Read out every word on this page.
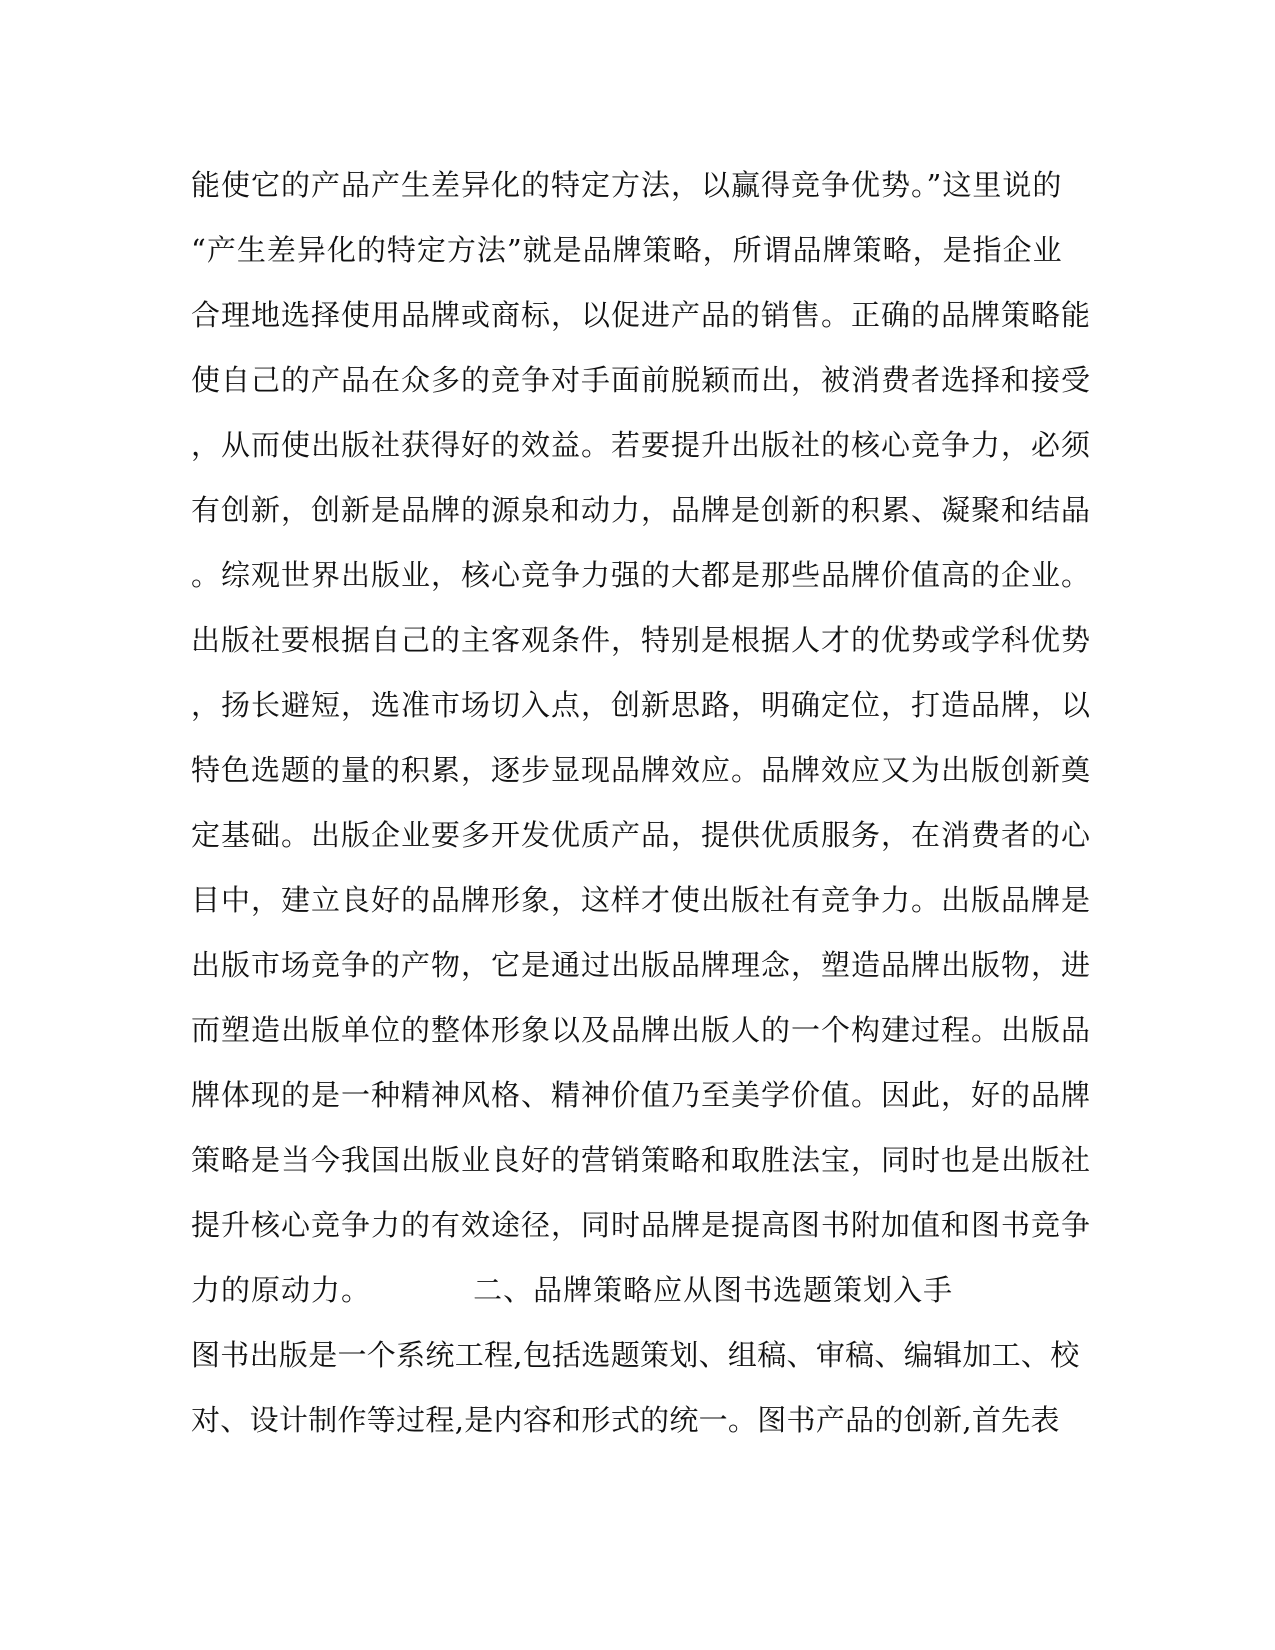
能使它的产品产生差异化的特定方法，以赢得竞争优势。”这里说的
“产生差异化的特定方法”就是品牌策略，所谓品牌策略，是指企业
合理地选择使用品牌或商标，以促进产品的销售。正确的品牌策略能
使自己的产品在众多的竞争对手面前脱颖而出，被消费者选择和接受
，从而使出版社获得好的效益。若要提升出版社的核心竞争力，必须
有创新，创新是品牌的源泉和动力，品牌是创新的积累、凝聚和结晶
。综观世界出版业，核心竞争力强的大都是那些品牌价值高的企业。
出版社要根据自己的主客观条件，特别是根据人才的优势或学科优势
，扬长避短，选准市场切入点，创新思路，明确定位，打造品牌，以
特色选题的量的积累，逐步显现品牌效应。品牌效应又为出版创新奠
定基础。出版企业要多开发优质产品，提供优质服务，在消费者的心
目中，建立良好的品牌形象，这样才使出版社有竞争力。出版品牌是
出版市场竞争的产物，它是通过出版品牌理念，塑造品牌出版物，进
而塑造出版单位的整体形象以及品牌出版人的一个构建过程。出版品
牌体现的是一种精神风格、精神价值乃至美学价值。因此，好的品牌
策略是当今我国出版业良好的营销策略和取胜法宝，同时也是出版社
提升核心竞争力的有效途径，同时品牌是提高图书附加值和图书竞争
力的原动力。          二、品牌策略应从图书选题策划入手
图书出版是一个系统工程,包括选题策划、组稿、审稿、编辑加工、校
对、设计制作等过程,是内容和形式的统一。图书产品的创新,首先表
